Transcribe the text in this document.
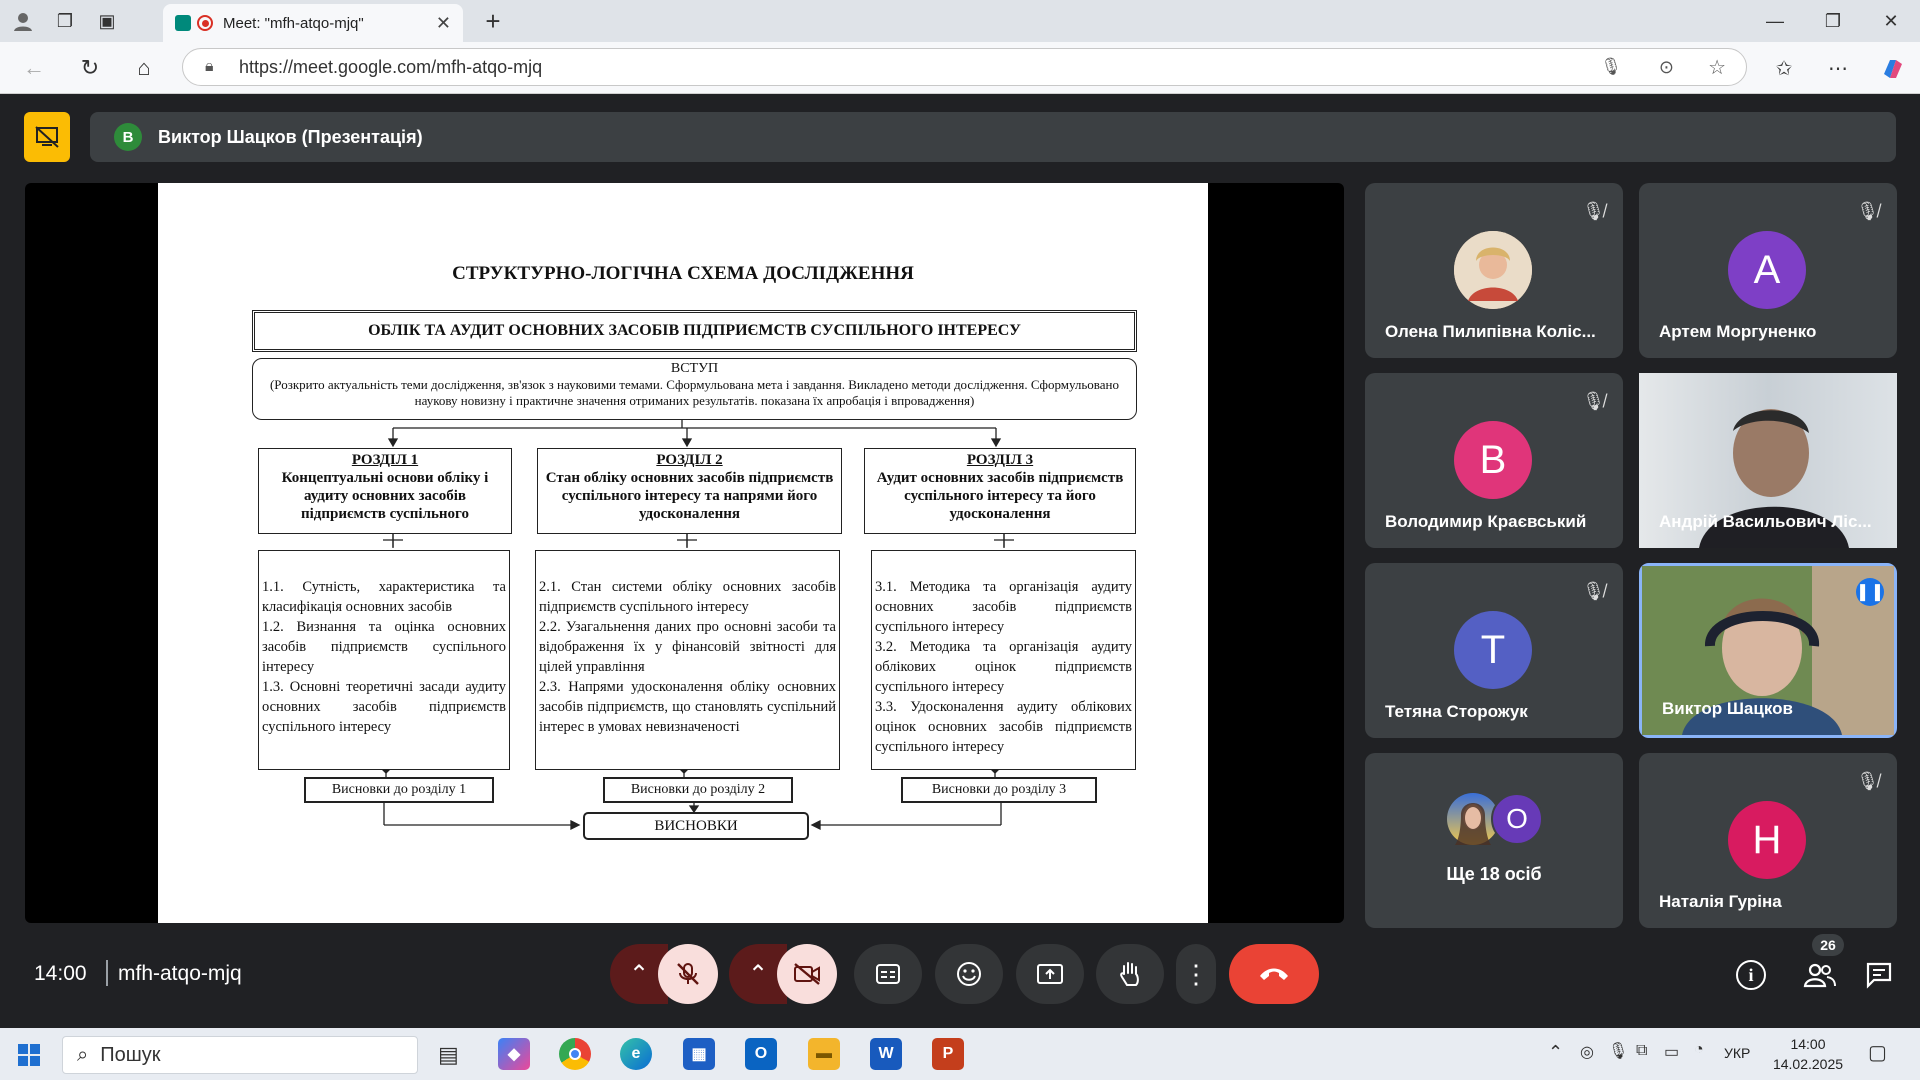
❐ ▣	Meet: "mfh-atqo-mjq"	✕ +	— ❐	✕
← ↻	⌂	🔒︎ https://meet.google.com/mfh-atqo-mjq	🎙︎ ⊙ ☆ ✩ ⋯
В	Виктор Шацков (Презентація)
СТРУКТУРНО-ЛОГІЧНА СХЕМА ДОСЛІДЖЕННЯ
ОБЛІК ТА АУДИТ ОСНОВНИХ ЗАСОБІВ ПІДПРИЄМСТВ СУСПІЛЬНОГО ІНТЕРЕСУ
ВСТУП
(Розкрито актуальність теми дослідження, зв'язок з науковими темами. Сформульована мета і завдання. Викладено методи дослідження. Сформульовано наукову новизну і практичне значення отриманих результатів. показана їх апробація і впровадження)
РОЗДІЛ 1
Концептуальні основи обліку і аудиту основних засобів підприємств суспільного

1.1. Сутність, характеристика та класифікація основних засобів
1.2. Визнання та оцінка основних засобів підприємств суспільного інтересу
1.3. Основні теоретичні засади аудиту основних засобів підприємств суспільного інтересу

Висновки до розділу 1
РОЗДІЛ 2
Стан обліку основних засобів підприємств суспільного інтересу та напрями його удосконалення

2.1. Стан системи обліку основних засобів підприємств суспільного інтересу
2.2. Узагальнення даних про основні засоби та відображення їх у фінансовій звітності для цілей управління
2.3. Напрями удосконалення обліку основних засобів підприємств, що становлять суспільний інтерес в умовах невизначеності

Висновки до розділу 2
РОЗДІЛ 3
Аудит основних засобів підприємств суспільного інтересу та його удосконалення

3.1. Методика та організація аудиту основних засобів підприємств суспільного інтересу
3.2. Методика та організація аудиту облікових оцінок підприємств суспільного інтересу
3.3. Удосконалення аудиту облікових оцінок основних засобів підприємств суспільного інтересу

Висновки до розділу 3
ВИСНОВКИ
🎙︎̸
Олена Пилипівна Коліс...
А
🎙︎̸
Артем Моргуненко
В
🎙︎̸
Володимир Краєвський	Андрій Васильович Ліс...
Т
🎙︎̸
Тетяна Сторожук
▌▐
Виктор Шацков
О
Ще 18 осіб
Н
🎙︎̸
Наталія Гуріна
14:00 mfh-atqo-mjq	⌃	⌃	⋮	i
26
⌕ Пошук	▤	◆	e	▦	O	▬	W	P	⌃ ◎ 🎙︎ ⧉ ▭ ◔ УКР
14:00
14.02.2025 ▢
